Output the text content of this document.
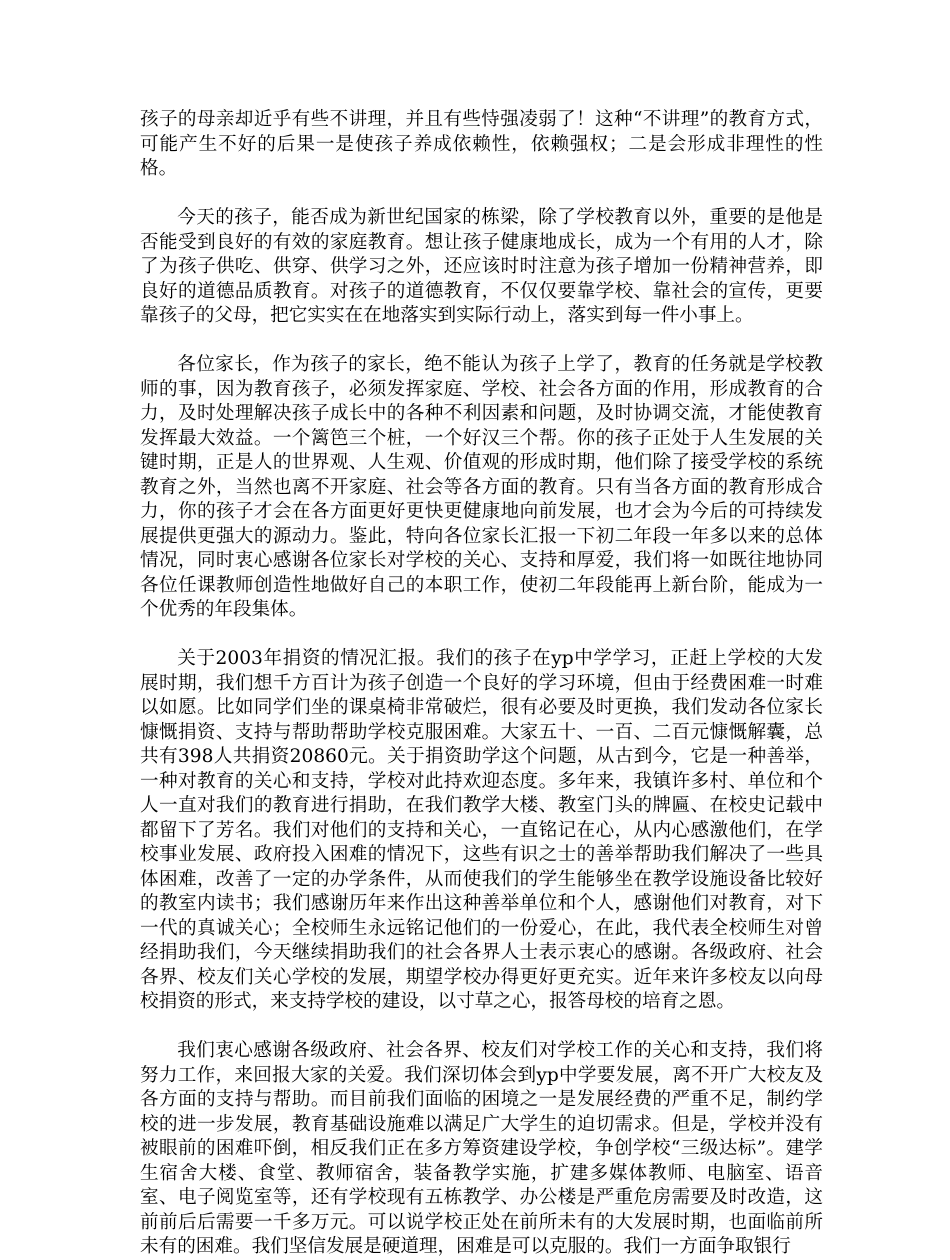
孩子的母亲却近乎有些不讲理，并且有些恃强凌弱了！这种“不讲理”的教育方式，可能产生不好的后果一是使孩子养成依赖性，依赖强权；二是会形成非理性的性格。

今天的孩子，能否成为新世纪国家的栋梁，除了学校教育以外，重要的是他是否能受到良好的有效的家庭教育。想让孩子健康地成长，成为一个有用的人才，除了为孩子供吃、供穿、供学习之外，还应该时时注意为孩子增加一份精神营养，即良好的道德品质教育。对孩子的道德教育，不仅仅要靠学校、靠社会的宣传，更要靠孩子的父母，把它实实在在地落实到实际行动上，落实到每一件小事上。

各位家长，作为孩子的家长，绝不能认为孩子上学了，教育的任务就是学校教师的事，因为教育孩子，必须发挥家庭、学校、社会各方面的作用，形成教育的合力，及时处理解决孩子成长中的各种不利因素和问题，及时协调交流，才能使教育发挥最大效益。一个篱笆三个桩，一个好汉三个帮。你的孩子正处于人生发展的关键时期，正是人的世界观、人生观、价值观的形成时期，他们除了接受学校的系统教育之外，当然也离不开家庭、社会等各方面的教育。只有当各方面的教育形成合力，你的孩子才会在各方面更好更快更健康地向前发展，也才会为今后的可持续发展提供更强大的源动力。鉴此，特向各位家长汇报一下初二年段一年多以来的总体情况，同时衷心感谢各位家长对学校的关心、支持和厚爱，我们将一如既往地协同各位任课教师创造性地做好自己的本职工作，使初二年段能再上新台阶，能成为一个优秀的年段集体。

关于2003年捐资的情况汇报。我们的孩子在yp中学学习，正赶上学校的大发展时期，我们想千方百计为孩子创造一个良好的学习环境，但由于经费困难一时难以如愿。比如同学们坐的课桌椅非常破烂，很有必要及时更换，我们发动各位家长慷慨捐资、支持与帮助帮助学校克服困难。大家五十、一百、二百元慷慨解囊，总共有398人共捐资20860元。关于捐资助学这个问题，从古到今，它是一种善举，一种对教育的关心和支持，学校对此持欢迎态度。多年来，我镇许多村、单位和个人一直对我们的教育进行捐助，在我们教学大楼、教室门头的牌匾、在校史记载中都留下了芳名。我们对他们的支持和关心，一直铭记在心，从内心感激他们，在学校事业发展、政府投入困难的情况下，这些有识之士的善举帮助我们解决了一些具体困难，改善了一定的办学条件，从而使我们的学生能够坐在教学设施设备比较好的教室内读书；我们感谢历年来作出这种善举单位和个人，感谢他们对教育，对下一代的真诚关心；全校师生永远铭记他们的一份爱心，在此，我代表全校师生对曾经捐助我们，今天继续捐助我们的社会各界人士表示衷心的感谢。各级政府、社会各界、校友们关心学校的发展，期望学校办得更好更充实。近年来许多校友以向母校捐资的形式，来支持学校的建设，以寸草之心，报答母校的培育之恩。

我们衷心感谢各级政府、社会各界、校友们对学校工作的关心和支持，我们将努力工作，来回报大家的关爱。我们深切体会到yp中学要发展，离不开广大校友及各方面的支持与帮助。而目前我们面临的困境之一是发展经费的严重不足，制约学校的进一步发展，教育基础设施难以满足广大学生的迫切需求。但是，学校并没有被眼前的困难吓倒，相反我们正在多方筹资建设学校，争创学校“三级达标”。建学生宿舍大楼、食堂、教师宿舍，装备教学实施，扩建多媒体教师、电脑室、语音室、电子阅览室等，还有学校现有五栋教学、办公楼是严重危房需要及时改造，这前前后后需要一千多万元。可以说学校正处在前所未有的大发展时期，也面临前所未有的困难。我们坚信发展是硬道理，困难是可以克服的。我们一方面争取银行
